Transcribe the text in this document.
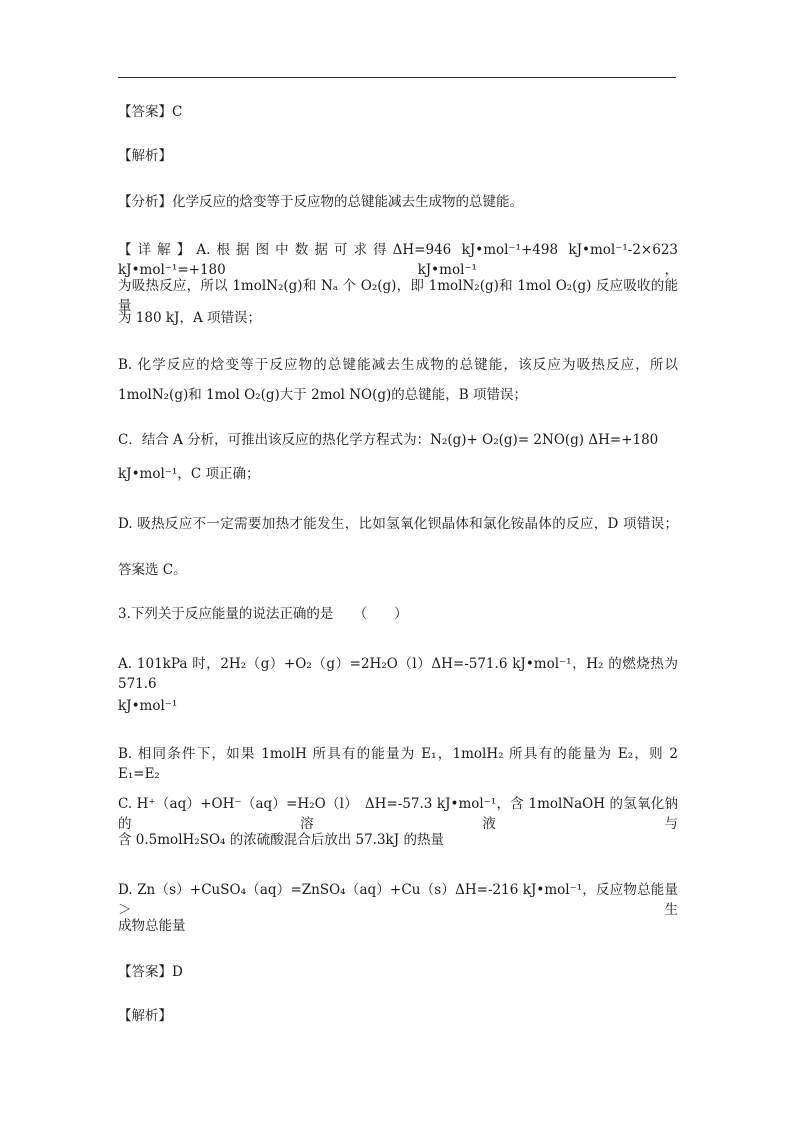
【答案】C
【解析】
【分析】化学反应的焓变等于反应物的总键能减去生成物的总键能。
【详解】A.根据图中数据可求得ΔH=946 kJ•mol⁻¹+498 kJ•mol⁻¹-2×623 kJ•mol⁻¹=+180 kJ•mol⁻¹，
为吸热反应，所以 1molN₂(g)和 Nₐ 个 O₂(g)，即 1molN₂(g)和 1mol O₂(g) 反应吸收的能量
为 180 kJ，A 项错误；
B. 化学反应的焓变等于反应物的总键能减去生成物的总键能，该反应为吸热反应，所以
1molN₂(g)和 1mol O₂(g)大于 2mol NO(g)的总键能，B 项错误；
C．结合 A 分析，可推出该反应的热化学方程式为：N₂(g)+ O₂(g)= 2NO(g) ΔH=+180
kJ•mol⁻¹，C 项正确；
D. 吸热反应不一定需要加热才能发生，比如氢氧化钡晶体和氯化铵晶体的反应，D 项错误；
答案选 C。
3.下列关于反应能量的说法正确的是　　（　　）
A. 101kPa 时，2H₂（g）+O₂（g）=2H₂O（l）ΔH=-571.6 kJ•mol⁻¹，H₂ 的燃烧热为 571.6
kJ•mol⁻¹
B. 相同条件下，如果 1molH 所具有的能量为 E₁，1molH₂ 所具有的能量为 E₂，则 2 E₁=E₂
C. H⁺（aq）+OH⁻（aq）=H₂O（l）　ΔH=-57.3 kJ•mol⁻¹，含 1molNaOH 的氢氧化钠的溶液与
含 0.5molH₂SO₄ 的浓硫酸混合后放出 57.3kJ 的热量
D. Zn（s）+CuSO₄（aq）=ZnSO₄（aq）+Cu（s）ΔH=-216 kJ•mol⁻¹，反应物总能量＞ 生
成物总能量
【答案】D
【解析】
